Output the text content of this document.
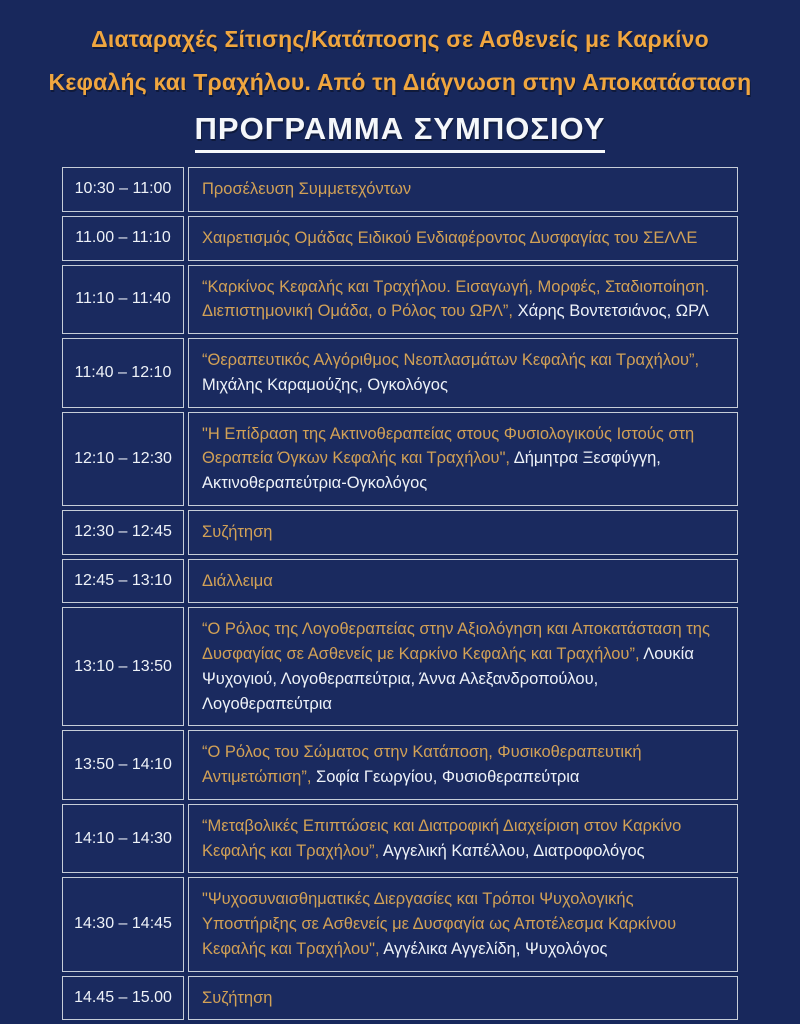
Διαταραχές Σίτισης/Κατάποσης σε Ασθενείς με Καρκίνο
Κεφαλής και Τραχήλου. Από τη Διάγνωση στην Αποκατάσταση
ΠΡΟΓΡΑΜΜΑ ΣΥΜΠΟΣΙΟΥ
10:30 – 11:00	Προσέλευση Συμμετεχόντων
11.00 – 11:10	Χαιρετισμός Ομάδας Ειδικού Ενδιαφέροντος Δυσφαγίας του ΣΕΛΛΕ
11:10 – 11:40	“Καρκίνος Κεφαλής και Τραχήλου. Εισαγωγή, Μορφές, Σταδιοποίηση. Διεπιστημονική Ομάδα, ο Ρόλος του ΩΡΛ”, Χάρης Βοντετσιάνος, ΩΡΛ
11:40 – 12:10	“Θεραπευτικός Αλγόριθμος Νεοπλασμάτων Κεφαλής και Τραχήλου”, Μιχάλης Καραμούζης, Ογκολόγος
12:10 – 12:30	"Η Επίδραση της Ακτινοθεραπείας στους Φυσιολογικούς Ιστούς στη Θεραπεία Όγκων Κεφαλής και Τραχήλου", Δήμητρα Ξεσφύγγη, Ακτινοθεραπεύτρια-Ογκολόγος
12:30 – 12:45	Συζήτηση
12:45 – 13:10	Διάλλειμα
13:10 – 13:50	“Ο Ρόλος της Λογοθεραπείας στην Αξιολόγηση και Αποκατάσταση της Δυσφαγίας σε Ασθενείς με Καρκίνο Κεφαλής και Τραχήλου”, Λουκία Ψυχογιού, Λογοθεραπεύτρια, Άννα Αλεξανδροπούλου, Λογοθεραπεύτρια
13:50 – 14:10	“Ο Ρόλος του Σώματος στην Κατάποση, Φυσικοθεραπευτική Αντιμετώπιση”, Σοφία Γεωργίου, Φυσιοθεραπεύτρια
14:10 – 14:30	“Μεταβολικές Επιπτώσεις και Διατροφική Διαχείριση στον Καρκίνο Κεφαλής και Τραχήλου”, Αγγελική Καπέλλου, Διατροφολόγος
14:30 – 14:45	"Ψυχοσυναισθηματικές Διεργασίες και Τρόποι Ψυχολογικής Υποστήριξης σε Ασθενείς με Δυσφαγία ως Αποτέλεσμα Καρκίνου Κεφαλής και Τραχήλου", Αγγέλικα Αγγελίδη, Ψυχολόγος
14.45 – 15.00	Συζήτηση
